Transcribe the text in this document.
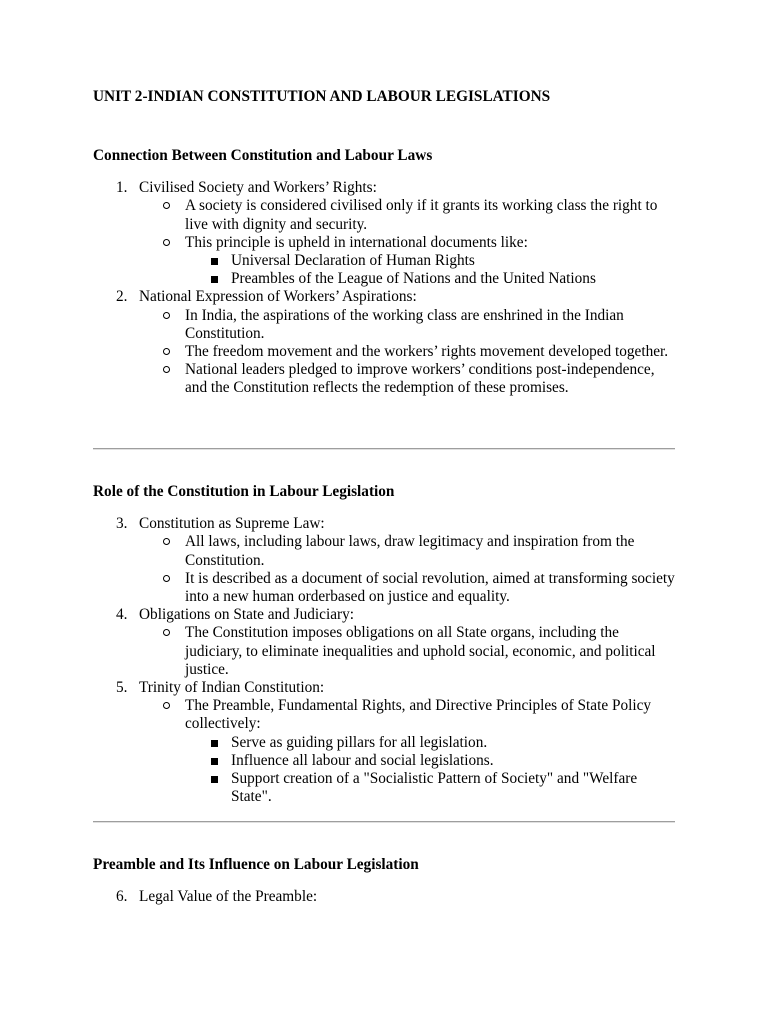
UNIT 2-INDIAN CONSTITUTION AND LABOUR LEGISLATIONS
Connection Between Constitution and Labour Laws
1. Civilised Society and Workers’ Rights:
A society is considered civilised only if it grants its working class the right to live with dignity and security.
This principle is upheld in international documents like:
Universal Declaration of Human Rights
Preambles of the League of Nations and the United Nations
2. National Expression of Workers’ Aspirations:
In India, the aspirations of the working class are enshrined in the Indian Constitution.
The freedom movement and the workers’ rights movement developed together.
National leaders pledged to improve workers’ conditions post-independence, and the Constitution reflects the redemption of these promises.
Role of the Constitution in Labour Legislation
3. Constitution as Supreme Law:
All laws, including labour laws, draw legitimacy and inspiration from the Constitution.
It is described as a document of social revolution, aimed at transforming society into a new human orderbased on justice and equality.
4. Obligations on State and Judiciary:
The Constitution imposes obligations on all State organs, including the judiciary, to eliminate inequalities and uphold social, economic, and political justice.
5. Trinity of Indian Constitution:
The Preamble, Fundamental Rights, and Directive Principles of State Policy collectively:
Serve as guiding pillars for all legislation.
Influence all labour and social legislations.
Support creation of a "Socialistic Pattern of Society" and "Welfare State".
Preamble and Its Influence on Labour Legislation
6. Legal Value of the Preamble:
